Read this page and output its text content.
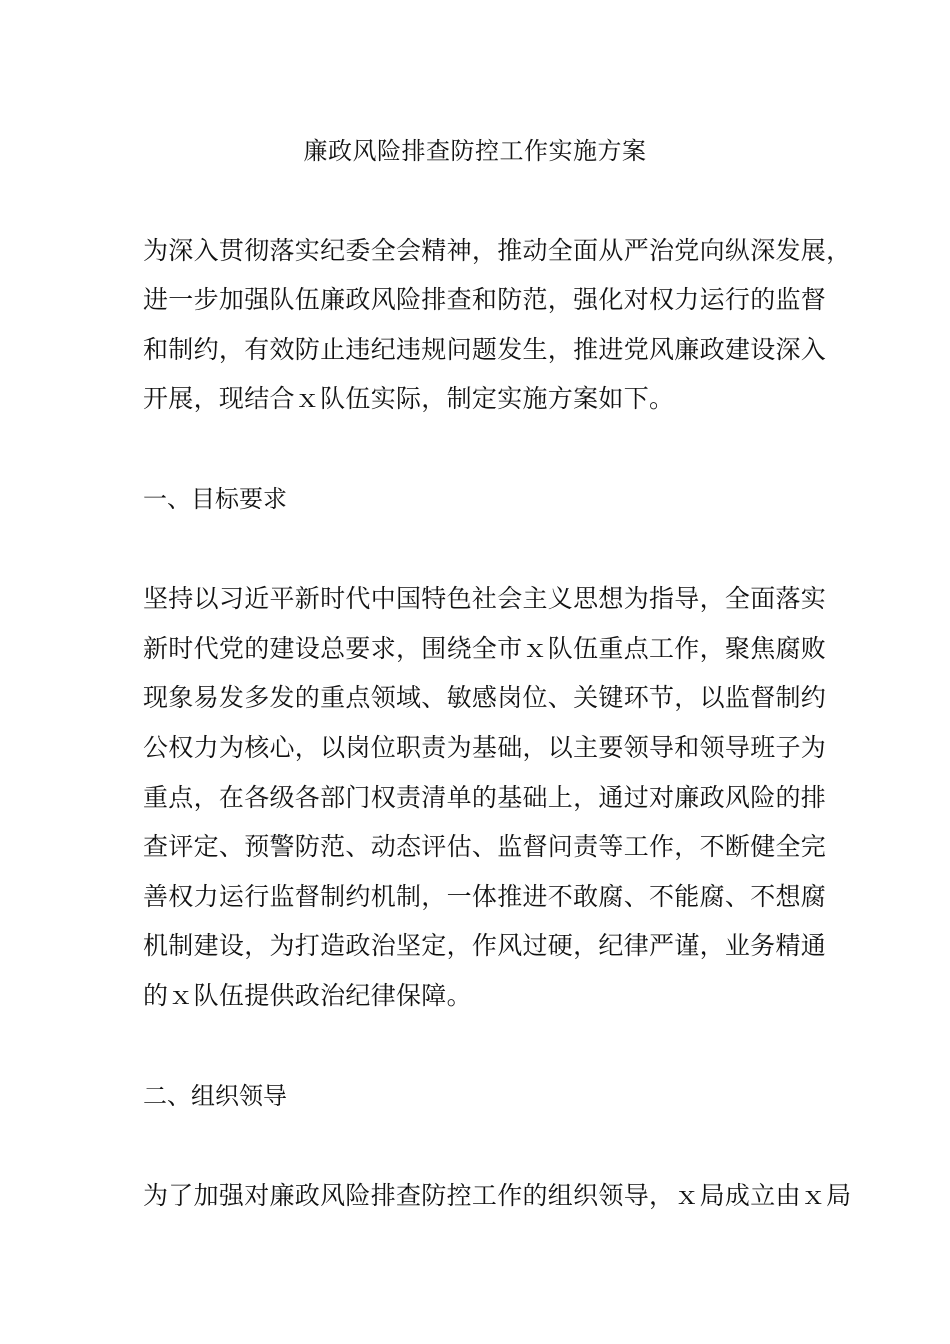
廉政风险排查防控工作实施方案

为深入贯彻落实纪委全会精神，推动全面从严治党向纵深发展，

进一步加强队伍廉政风险排查和防范，强化对权力运行的监督

和制约，有效防止违纪违规问题发生，推进党风廉政建设深入

开展，现结合ｘ队伍实际，制定实施方案如下。

一、目标要求

坚持以习近平新时代中国特色社会主义思想为指导，全面落实

新时代党的建设总要求，围绕全市ｘ队伍重点工作，聚焦腐败

现象易发多发的重点领域、敏感岗位、关键环节，以监督制约

公权力为核心，以岗位职责为基础，以主要领导和领导班子为

重点，在各级各部门权责清单的基础上，通过对廉政风险的排

查评定、预警防范、动态评估、监督问责等工作，不断健全完

善权力运行监督制约机制，一体推进不敢腐、不能腐、不想腐

机制建设，为打造政治坚定，作风过硬，纪律严谨，业务精通

的ｘ队伍提供政治纪律保障。

二、组织领导

为了加强对廉政风险排查防控工作的组织领导，ｘ局成立由ｘ局
